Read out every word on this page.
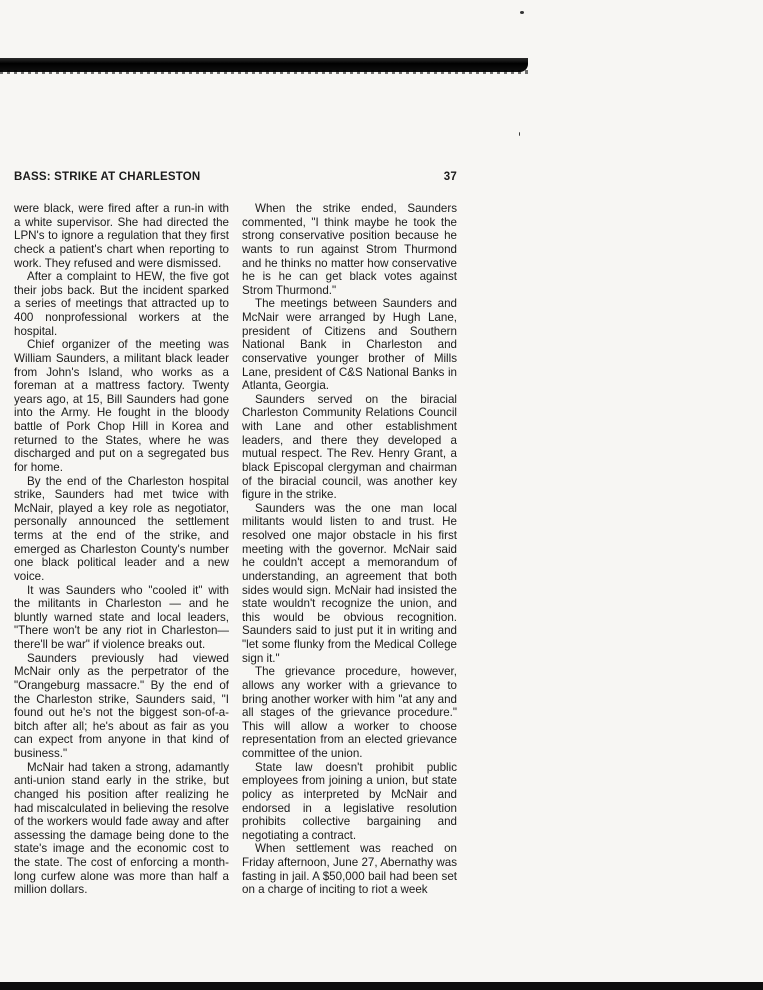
BASS: STRIKE AT CHARLESTON	37

were black, were fired after a run-in with a white supervisor. She had directed the LPN's to ignore a regulation that they first check a patient's chart when reporting to work. They refused and were dismissed.

After a complaint to HEW, the five got their jobs back. But the incident sparked a series of meetings that attracted up to 400 nonprofessional workers at the hospital.

Chief organizer of the meeting was William Saunders, a militant black leader from John's Island, who works as a foreman at a mattress factory. Twenty years ago, at 15, Bill Saunders had gone into the Army. He fought in the bloody battle of Pork Chop Hill in Korea and returned to the States, where he was discharged and put on a segregated bus for home.

By the end of the Charleston hospital strike, Saunders had met twice with McNair, played a key role as negotiator, personally announced the settlement terms at the end of the strike, and emerged as Charleston County's number one black political leader and a new voice.

It was Saunders who "cooled it" with the militants in Charleston — and he bluntly warned state and local leaders, "There won't be any riot in Charleston—there'll be war" if violence breaks out.

Saunders previously had viewed McNair only as the perpetrator of the "Orangeburg massacre." By the end of the Charleston strike, Saunders said, "I found out he's not the biggest son-of-a-bitch after all; he's about as fair as you can expect from anyone in that kind of business."

McNair had taken a strong, adamantly anti-union stand early in the strike, but changed his position after realizing he had miscalculated in believing the resolve of the workers would fade away and after assessing the damage being done to the state's image and the economic cost to the state. The cost of enforcing a month-long curfew alone was more than half a million dollars.

When the strike ended, Saunders commented, "I think maybe he took the strong conservative position because he wants to run against Strom Thurmond and he thinks no matter how conservative he is he can get black votes against Strom Thurmond."

The meetings between Saunders and McNair were arranged by Hugh Lane, president of Citizens and Southern National Bank in Charleston and conservative younger brother of Mills Lane, president of C&S National Banks in Atlanta, Georgia.

Saunders served on the biracial Charleston Community Relations Council with Lane and other establishment leaders, and there they developed a mutual respect. The Rev. Henry Grant, a black Episcopal clergyman and chairman of the biracial council, was another key figure in the strike.

Saunders was the one man local militants would listen to and trust. He resolved one major obstacle in his first meeting with the governor. McNair said he couldn't accept a memorandum of understanding, an agreement that both sides would sign. McNair had insisted the state wouldn't recognize the union, and this would be obvious recognition. Saunders said to just put it in writing and "let some flunky from the Medical College sign it."

The grievance procedure, however, allows any worker with a grievance to bring another worker with him "at any and all stages of the grievance procedure." This will allow a worker to choose representation from an elected grievance committee of the union.

State law doesn't prohibit public employees from joining a union, but state policy as interpreted by McNair and endorsed in a legislative resolution prohibits collective bargaining and negotiating a contract.

When settlement was reached on Friday afternoon, June 27, Abernathy was fasting in jail. A $50,000 bail had been set on a charge of inciting to riot a week
